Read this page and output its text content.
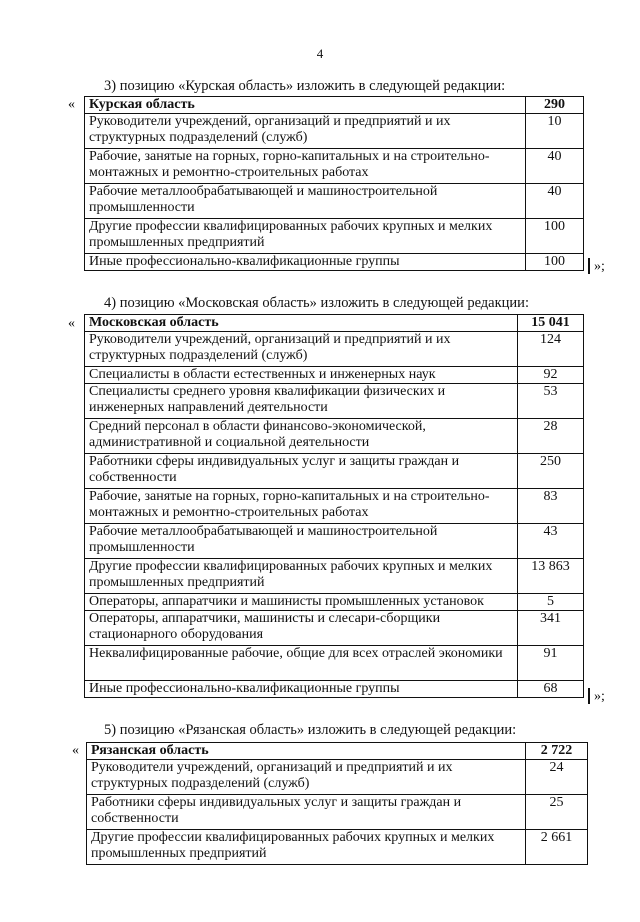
4
3) позицию «Курская область» изложить в следующей редакции:
« Курская область	290
Руководители учреждений, организаций и предприятий и их структурных подразделений (служб)	10
Рабочие, занятые на горных, горно-капитальных и на строительно-монтажных и ремонтно-строительных работах	40
Рабочие металлообрабатывающей и машиностроительной промышленности	40
Другие профессии квалифицированных рабочих крупных и мелких промышленных предприятий	100
Иные профессионально-квалификационные группы	100 »;
4) позицию «Московская область» изложить в следующей редакции:
« Московская область	15 041
Руководители учреждений, организаций и предприятий и их структурных подразделений (служб)	124
Специалисты в области естественных и инженерных наук	92
Специалисты среднего уровня квалификации физических и инженерных направлений деятельности	53
Средний персонал в области финансово-экономической, административной и социальной деятельности	28
Работники сферы индивидуальных услуг и защиты граждан и собственности	250
Рабочие, занятые на горных, горно-капитальных и на строительно-монтажных и ремонтно-строительных работах	83
Рабочие металлообрабатывающей и машиностроительной промышленности	43
Другие профессии квалифицированных рабочих крупных и мелких промышленных предприятий	13 863
Операторы, аппаратчики и машинисты промышленных установок	5
Операторы, аппаратчики, машинисты и слесари-сборщики стационарного оборудования	341
Неквалифицированные рабочие, общие для всех отраслей экономики	91
Иные профессионально-квалификационные группы	68
»;
5) позицию «Рязанская область» изложить в следующей редакции:
« Рязанская область	2 722
Руководители учреждений, организаций и предприятий и их структурных подразделений (служб)	24
Работники сферы индивидуальных услуг и защиты граждан и собственности	25
Другие профессии квалифицированных рабочих крупных и мелких промышленных предприятий	2 661
